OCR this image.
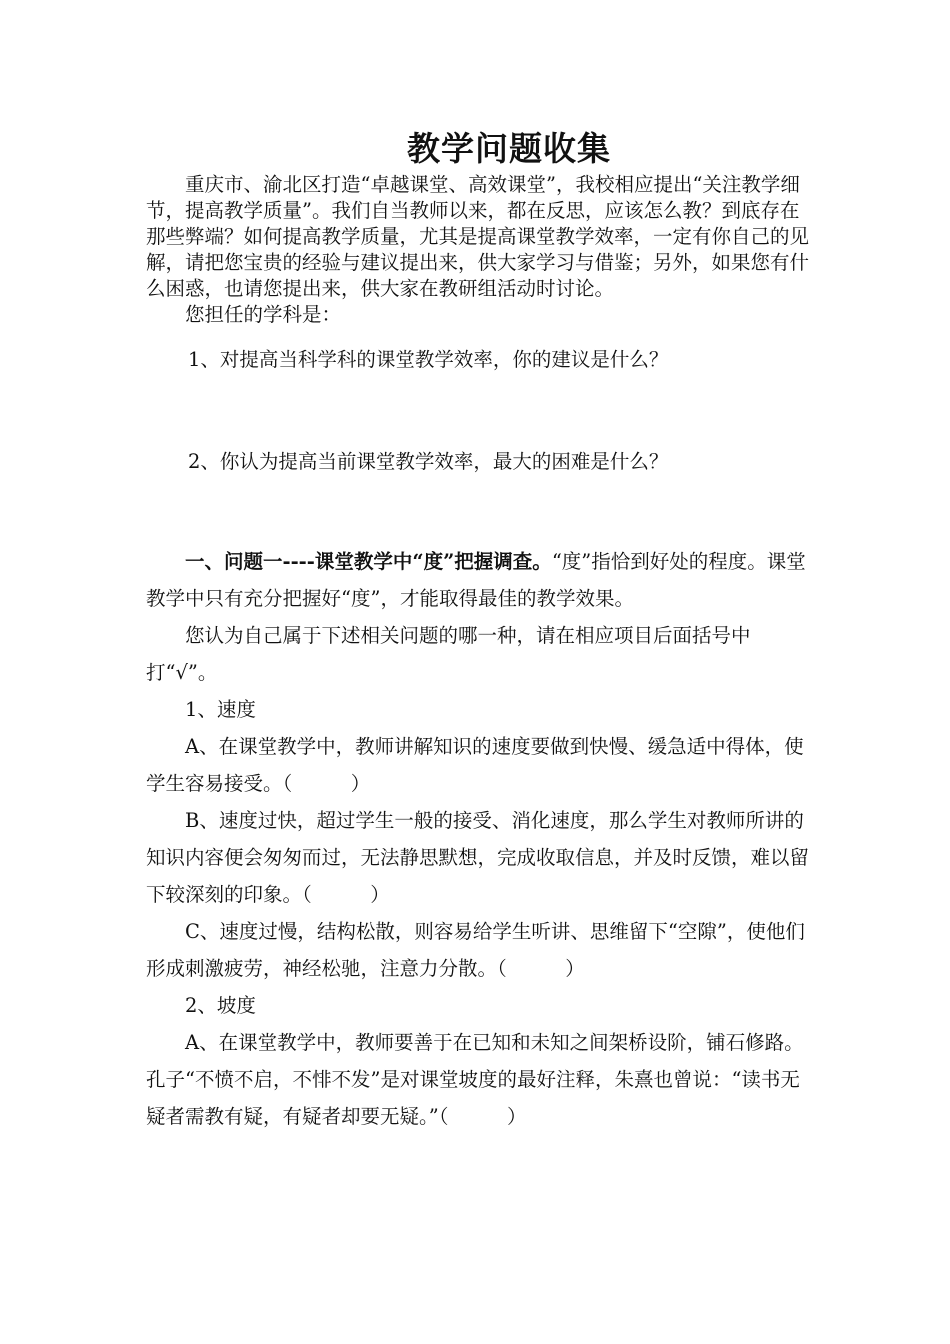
教学问题收集

重庆市、渝北区打造“卓越课堂、高效课堂”，我校相应提出“关注教学细节，提高教学质量”。我们自当教师以来，都在反思，应该怎么教？到底存在那些弊端？如何提高教学质量，尤其是提高课堂教学效率，一定有你自己的见解，请把您宝贵的经验与建议提出来，供大家学习与借鉴；另外，如果您有什么困惑，也请您提出来，供大家在教研组活动时讨论。

您担任的学科是：

1、对提高当科学科的课堂教学效率，你的建议是什么？
2、你认为提高当前课堂教学效率，最大的困难是什么？

一、问题一----课堂教学中“度”把握调查。“度”指恰到好处的程度。课堂教学中只有充分把握好“度”，才能取得最佳的教学效果。

您认为自己属于下述相关问题的哪一种，请在相应项目后面括号中打“√”。

1、速度

A、在课堂教学中，教师讲解知识的速度要做到快慢、缓急适中得体，使学生容易接受。（　　　）

B、速度过快，超过学生一般的接受、消化速度，那么学生对教师所讲的知识内容便会匆匆而过，无法静思默想，完成收取信息，并及时反馈，难以留下较深刻的印象。（　　　）

C、速度过慢，结构松散，则容易给学生听讲、思维留下“空隙”，使他们形成刺激疲劳，神经松驰，注意力分散。（　　　）

2、坡度

A、在课堂教学中，教师要善于在已知和未知之间架桥设阶，铺石修路。孔子“不愤不启，不悱不发”是对课堂坡度的最好注释，朱熹也曾说：“读书无疑者需教有疑，有疑者却要无疑。”（　　　）
